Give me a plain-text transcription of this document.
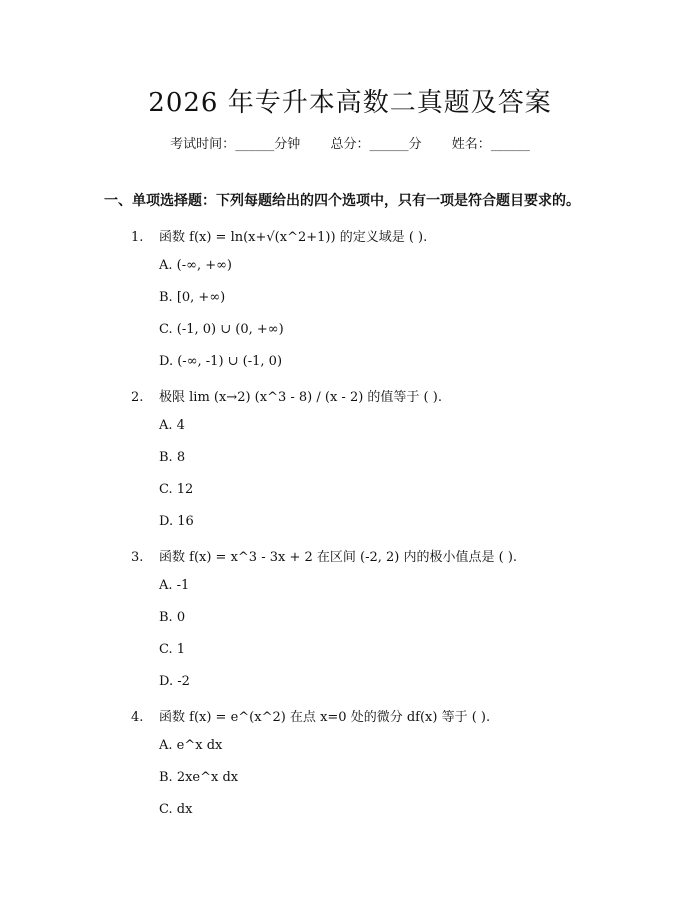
2026 年专升本高数二真题及答案
考试时间：______分钟 总分：______分 姓名：______
一、单项选择题：下列每题给出的四个选项中，只有一项是符合题目要求的。
1. 函数 f(x) = ln(x+√(x^2+1)) 的定义域是 ( ).
A. (-∞, +∞)
B. [0, +∞)
C. (-1, 0) ∪ (0, +∞)
D. (-∞, -1) ∪ (-1, 0)
2. 极限 lim (x→2) (x^3 - 8) / (x - 2) 的值等于 ( ).
A. 4
B. 8
C. 12
D. 16
3. 函数 f(x) = x^3 - 3x + 2 在区间 (-2, 2) 内的极小值点是 ( ).
A. -1
B. 0
C. 1
D. -2
4. 函数 f(x) = e^(x^2) 在点 x=0 处的微分 df(x) 等于 ( ).
A. e^x dx
B. 2xe^x dx
C. dx
